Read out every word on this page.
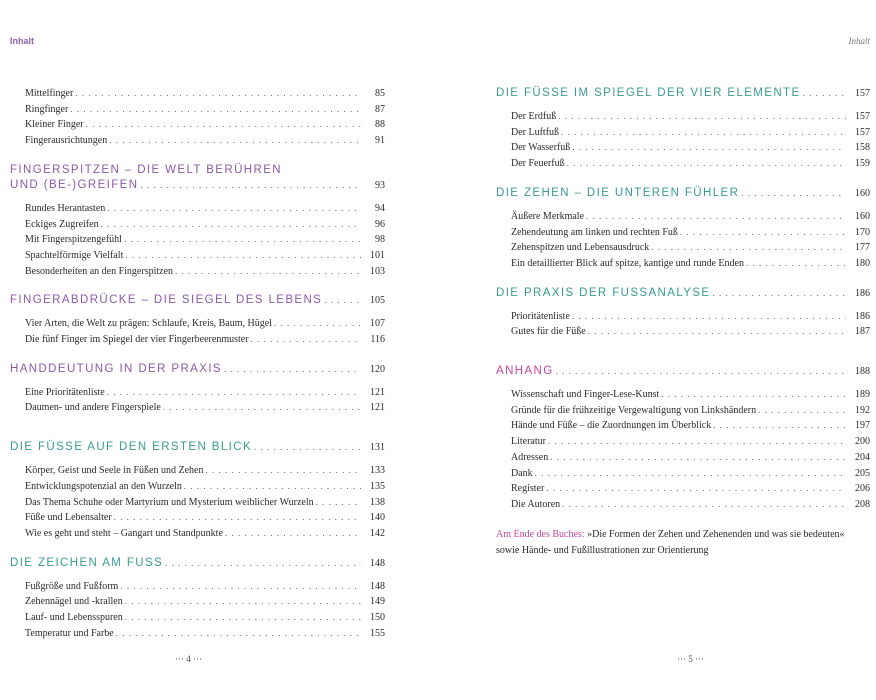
Inhalt	Inhalt
Mittelfinger . . .	85
Ringfinger . . .	87
Kleiner Finger . . .	88
Fingerausrichtungen . . .	91
FINGERSPITZEN – DIE WELT BERÜHREN
UND (BE-)GREIFEN . . .	93
Rundes Herantasten . . .	94
Eckiges Zugreifen . . .	96
Mit Fingerspitzengefühl . . .	98
Spachtelförmige Vielfalt . . .	101
Besonderheiten an den Fingerspitzen . . .	103
FINGERABDRÜCKE – DIE SIEGEL DES LEBENS . . .	105
Vier Arten, die Welt zu prägen: Schlaufe, Kreis, Baum, Hügel . . .	107
Die fünf Finger im Spiegel der vier Fingerbeerenmuster . . .	116
HANDDEUTUNG IN DER PRAXIS . . .	120
Eine Prioritätenliste . . .	121
Daumen- und andere Fingerspiele . . .	121
DIE FÜSSE AUF DEN ERSTEN BLICK . . .	131
Körper, Geist und Seele in Füßen und Zehen . . .	133
Entwicklungspotenzial an den Wurzeln . . .	135
Das Thema Schuhe oder Martyrium und Mysterium weiblicher Wurzeln . . .	138
Füße und Lebensalter . . .	140
Wie es geht und steht – Gangart und Standpunkte . . .	142
DIE ZEICHEN AM FUSS . . .	148
Fußgröße und Fußform . . .	148
Zehennägel und -krallen . . .	149
Lauf- und Lebensspuren . . .	150
Temperatur und Farbe . . .	155
DIE FÜSSE IM SPIEGEL DER VIER ELEMENTE . . .	157
Der Erdfuß . . .	157
Der Luftfuß . . .	157
Der Wasserfuß . . .	158
Der Feuerfuß . . .	159
DIE ZEHEN – DIE UNTEREN FÜHLER . . .	160
Äußere Merkmale . . .	160
Zehendeutung am linken und rechten Fuß . . .	170
Zehenspitzen und Lebensausdruck . . .	177
Ein detaillierter Blick auf spitze, kantige und runde Enden . . .	180
DIE PRAXIS DER FUSSANALYSE . . .	186
Prioritätenliste . . .	186
Gutes für die Füße . . .	187
ANHANG . . .	188
Wissenschaft und Finger-Lese-Kunst . . .	189
Gründe für die frühzeitige Vergewaltigung von Linkshändern . . .	192
Hände und Füße – die Zuordnungen im Überblick . . .	197
Literatur . . .	200
Adressen . . .	204
Dank . . .	205
Register . . .	206
Die Autoren . . .	208
Am Ende des Buches: »Die Formen der Zehen und Zehenenden und was sie bedeuten« sowie Hände- und Fußillustrationen zur Orientierung
··· 4 ···	··· 5 ···
